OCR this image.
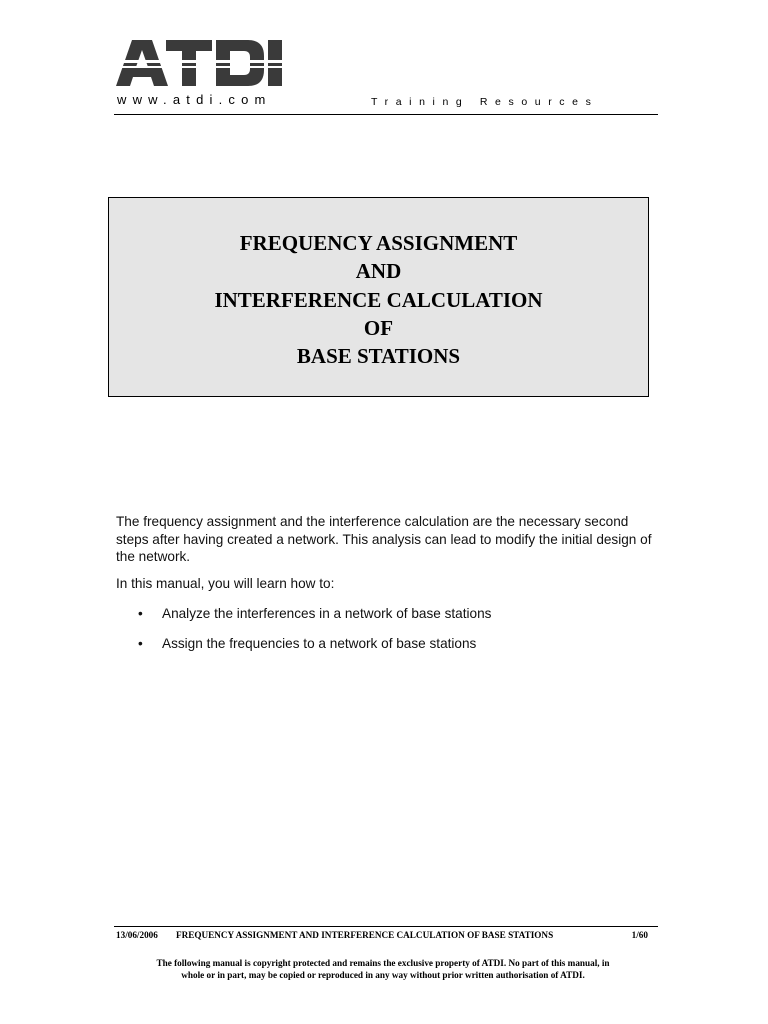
www.atdi.com	Training Resources
FREQUENCY ASSIGNMENT
AND
INTERFERENCE CALCULATION
OF
BASE STATIONS

The frequency assignment and the interference calculation are the necessary second steps after having created a network. This analysis can lead to modify the initial design of the network.

In this manual, you will learn how to:

• Analyze the interferences in a network of base stations
• Assign the frequencies to a network of base stations
13/06/2006 FREQUENCY ASSIGNMENT AND INTERFERENCE CALCULATION OF BASE STATIONS	1/60
The following manual is copyright protected and remains the exclusive property of ATDI. No part of this manual, in
whole or in part, may be copied or reproduced in any way without prior written authorisation of ATDI.
